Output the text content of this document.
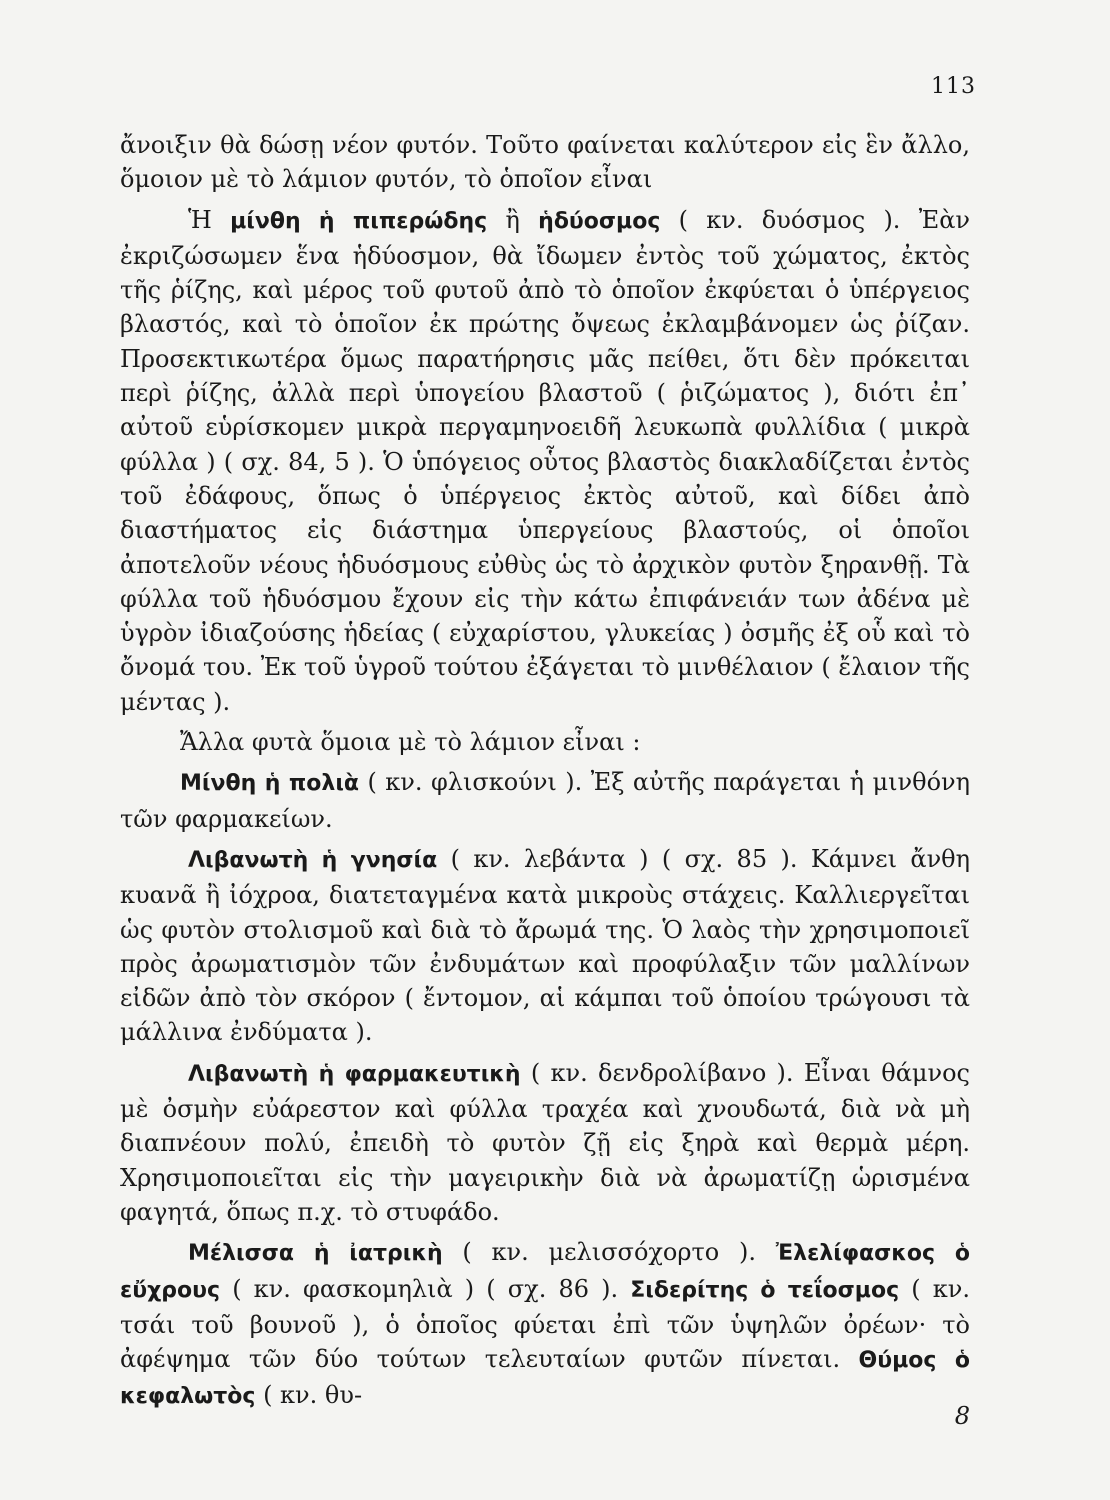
113

ἄνοιξιν θὰ δώσῃ νέον φυτόν. Τοῦτο φαίνεται καλύτερον εἰς ἓν ἄλλο, ὅμοιον μὲ τὸ λάμιον φυτόν, τὸ ὁποῖον εἶναι

Ἡ μίνθη ἡ πιπερώδης ἢ ἡδύοσμος ( κν. δυόσμος ). Ἐὰν ἐκριζώσωμεν ἕνα ἡδύοσμον, θὰ ἴδωμεν ἐντὸς τοῦ χώματος, ἐκτὸς τῆς ῥίζης, καὶ μέρος τοῦ φυτοῦ ἀπὸ τὸ ὁποῖον ἐκφύεται ὁ ὑπέργειος βλαστός, καὶ τὸ ὁποῖον ἐκ πρώτης ὄψεως ἐκλαμβάνομεν ὡς ῥίζαν. Προσεκτικωτέρα ὅμως παρατήρησις μᾶς πείθει, ὅτι δὲν πρόκειται περὶ ῥίζης, ἀλλὰ περὶ ὑπογείου βλαστοῦ ( ῥιζώματος ), διότι ἐπ᾽ αὐτοῦ εὑρίσκομεν μικρὰ περγαμηνοειδῆ λευκωπὰ φυλλίδια ( μικρὰ φύλλα ) ( σχ. 84, 5 ). Ὁ ὑπόγειος οὗτος βλαστὸς διακλαδίζεται ἐντὸς τοῦ ἐδάφους, ὅπως ὁ ὑπέργειος ἐκτὸς αὐτοῦ, καὶ δίδει ἀπὸ διαστήματος εἰς διάστημα ὑπεργείους βλαστούς, οἱ ὁποῖοι ἀποτελοῦν νέους ἡδυόσμους εὐθὺς ὡς τὸ ἀρχικὸν φυτὸν ξηρανθῇ. Τὰ φύλλα τοῦ ἡδυόσμου ἔχουν εἰς τὴν κάτω ἐπιφάνειάν των ἀδένα μὲ ὑγρὸν ἰδιαζούσης ἡδείας ( εὐχαρίστου, γλυκείας ) ὀσμῆς ἐξ οὗ καὶ τὸ ὄνομά του. Ἐκ τοῦ ὑγροῦ τούτου ἐξάγεται τὸ μινθέλαιον ( ἔλαιον τῆς μέντας ).

Ἄλλα φυτὰ ὅμοια μὲ τὸ λάμιον εἶναι :

Μίνθη ἡ πολιὰ ( κν. φλισκούνι ). Ἐξ αὐτῆς παράγεται ἡ μινθόνη τῶν φαρμακείων.

Λιβανωτὴ ἡ γνησία ( κν. λεβάντα ) ( σχ. 85 ). Κάμνει ἄνθη κυανᾶ ἢ ἰόχροα, διατεταγμένα κατὰ μικροὺς στάχεις. Καλλιεργεῖται ὡς φυτὸν στολισμοῦ καὶ διὰ τὸ ἄρωμά της. Ὁ λαὸς τὴν χρησιμοποιεῖ πρὸς ἀρωματισμὸν τῶν ἐνδυμάτων καὶ προφύλαξιν τῶν μαλλίνων εἰδῶν ἀπὸ τὸν σκόρον ( ἔντομον, αἱ κάμπαι τοῦ ὁποίου τρώγουσι τὰ μάλλινα ἐνδύματα ).

Λιβανωτὴ ἡ φαρμακευτικὴ ( κν. δενδρολίβανο ). Εἶναι θάμνος μὲ ὀσμὴν εὐάρεστον καὶ φύλλα τραχέα καὶ χνουδωτά, διὰ νὰ μὴ διαπνέουν πολύ, ἐπειδὴ τὸ φυτὸν ζῇ εἰς ξηρὰ καὶ θερμὰ μέρη. Χρησιμοποιεῖται εἰς τὴν μαγειρικὴν διὰ νὰ ἀρωματίζῃ ὡρισμένα φαγητά, ὅπως π.χ. τὸ στυφάδο.

Μέλισσα ἡ ἰατρικὴ ( κν. μελισσόχορτο ). Ἐλελίφασκος ὁ εὔχρους ( κν. φασκομηλιὰ ) ( σχ. 86 ). Σιδερίτης ὁ τεΐοσμος ( κν. τσάι τοῦ βουνοῦ ), ὁ ὁποῖος φύεται ἐπὶ τῶν ὑψηλῶν ὀρέων· τὸ ἀφέψημα τῶν δύο τούτων τελευταίων φυτῶν πίνεται. Θύμος ὁ κεφαλωτὸς ( κν. θυ-

8
